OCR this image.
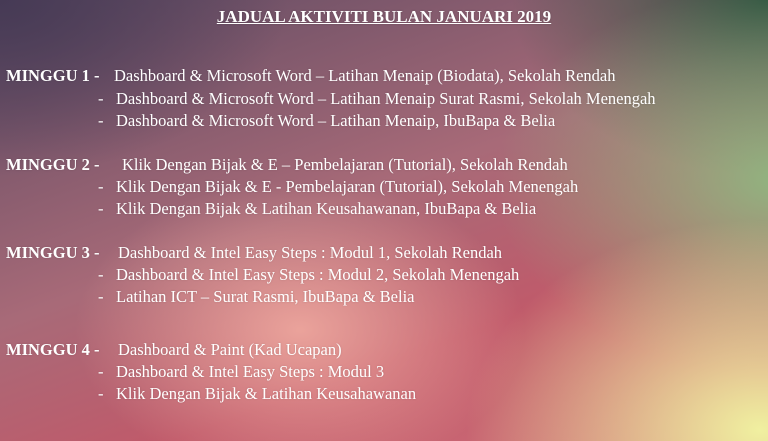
JADUAL AKTIVITI BULAN JANUARI 2019
MINGGU 1 - Dashboard & Microsoft Word – Latihan Menaip (Biodata), Sekolah Rendah
- Dashboard & Microsoft Word – Latihan Menaip Surat Rasmi, Sekolah Menengah
- Dashboard & Microsoft Word – Latihan Menaip, IbuBapa & Belia
MINGGU 2 - Klik Dengan Bijak & E – Pembelajaran (Tutorial), Sekolah Rendah
- Klik Dengan Bijak & E - Pembelajaran (Tutorial), Sekolah Menengah
- Klik Dengan Bijak & Latihan Keusahawanan, IbuBapa & Belia
MINGGU 3 - Dashboard & Intel Easy Steps : Modul 1, Sekolah Rendah
- Dashboard & Intel Easy Steps : Modul 2, Sekolah Menengah
- Latihan ICT – Surat Rasmi, IbuBapa & Belia
MINGGU 4 - Dashboard & Paint (Kad Ucapan)
- Dashboard & Intel Easy Steps : Modul 3
- Klik Dengan Bijak & Latihan Keusahawanan
